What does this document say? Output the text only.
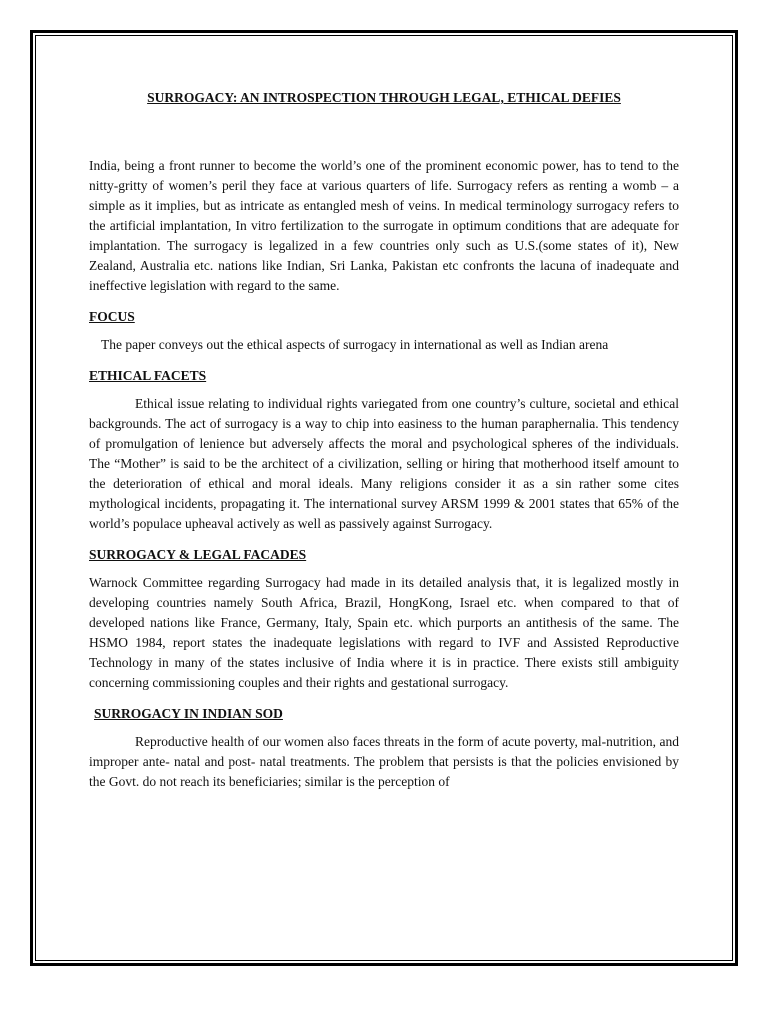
SURROGACY: AN INTROSPECTION THROUGH LEGAL, ETHICAL DEFIES

India, being a front runner to become the world’s one of the prominent economic power, has to tend to the nitty-gritty of women’s peril they face at various quarters of life. Surrogacy refers as renting a womb – a simple as it implies, but as intricate as entangled mesh of veins. In medical terminology surrogacy refers to the artificial implantation, In vitro fertilization to the surrogate in optimum conditions that are adequate for implantation. The surrogacy is legalized in a few countries only such as U.S.(some states of it), New Zealand, Australia etc. nations like Indian, Sri Lanka, Pakistan etc confronts the lacuna of inadequate and ineffective legislation with regard to the same.

FOCUS

The paper conveys out the ethical aspects of surrogacy in international as well as Indian arena

ETHICAL FACETS

Ethical issue relating to individual rights variegated from one country’s culture, societal and ethical backgrounds. The act of surrogacy is a way to chip into easiness to the human paraphernalia. This tendency of promulgation of lenience but adversely affects the moral and psychological spheres of the individuals. The “Mother” is said to be the architect of a civilization, selling or hiring that motherhood itself amount to the deterioration of ethical and moral ideals. Many religions consider it as a sin rather some cites mythological incidents, propagating it. The international survey ARSM 1999 & 2001 states that 65% of the world’s populace upheaval actively as well as passively against Surrogacy.

SURROGACY & LEGAL FACADES

Warnock Committee regarding Surrogacy had made in its detailed analysis that, it is legalized mostly in developing countries namely South Africa, Brazil, HongKong, Israel etc. when compared to that of developed nations like France, Germany, Italy, Spain etc. which purports an antithesis of the same. The HSMO 1984, report states the inadequate legislations with regard to IVF and Assisted Reproductive Technology in many of the states inclusive of India where it is in practice. There exists still ambiguity concerning commissioning couples and their rights and gestational surrogacy.

SURROGACY IN INDIAN SOD

Reproductive health of our women also faces threats in the form of acute poverty, mal-nutrition, and improper ante- natal and post- natal treatments. The problem that persists is that the policies envisioned by the Govt. do not reach its beneficiaries; similar is the perception of
